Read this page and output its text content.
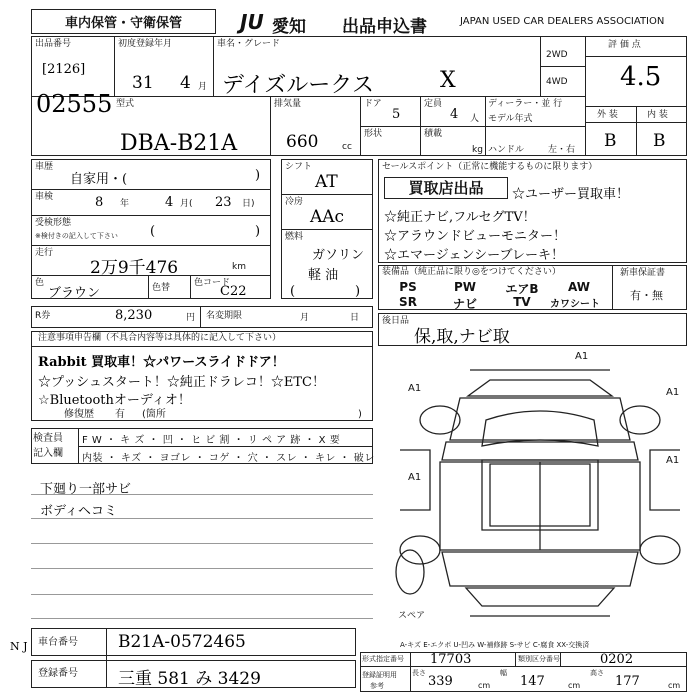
車内保管・守衛保管	JU 愛知 出品申込書	JAPAN USED CAR DEALERS ASSOCIATION
出品番号
[2126]
02555
初度登録年月
31 4 月
車名・グレード
デイズルークス	X
2WD
4WD
評 価 点
4.5
外 装	内 装
B B
型式
DBA-B21A
排気量
660	cc
ドア
5
定員
4 人
ディーラー・並 行
モデル年式
形状	積載
kg ハンドル	左・右
車歴
自家用・(	)
車検	8 年	4 月( 23 日)
受検形態
※検付きの記入して下さい (	)
走行
2万9千476	km
色
ブラウン	色替	色コード
C22
シフト
AT
冷房
AAc
燃料
ガソリン
軽 油
(	)
R券	8,230	円 名変期限	月	日
セールスポイント（正常に機能するものに限ります）
買取店出品	☆ユーザー買取車！
☆純正ナビ,フルセグTV！
☆アラウンドビューモニター！
☆エマージェンシーブレーキ！
装備品（純正品に限り◎をつけてください）
PS	PW	エアB	AW
SR	ナビ	TV	カワシート
新車保証書
有・無
後日品
保,取,ナビ取
注意事項申告欄（不具合内容等は具体的に記入して下さい）
Rabbit 買取車！☆パワースライドドア！
☆プッシュスタート！☆純正ドラレコ！☆ETC！
☆Bluetoothオーディオ！
修復歴 有 (箇所	)
検査員
記入欄
F W ・ キ ズ ・ 凹 ・ ヒ ビ 割 ・ リ ペ ア 跡 ・ X 要
内装 ・ キズ ・ ヨゴレ ・ コゲ ・ 穴 ・ スレ ・ キレ ・ 破レ
下廻り一部サビ
ボディヘコミ
A1
A1	A1
A1
A1
スペア
A-キズ E-エクボ U-凹み W-補修跡 S-サビ C-腐食 XX-交換済
車台番号 B21A-0572465
登録番号 三重 581 み 3429
N J
形式指定番号 17703	類別区分番号	0202
登録証明用
参考
長さ
339	cm
幅
147	cm
高さ
177	cm
